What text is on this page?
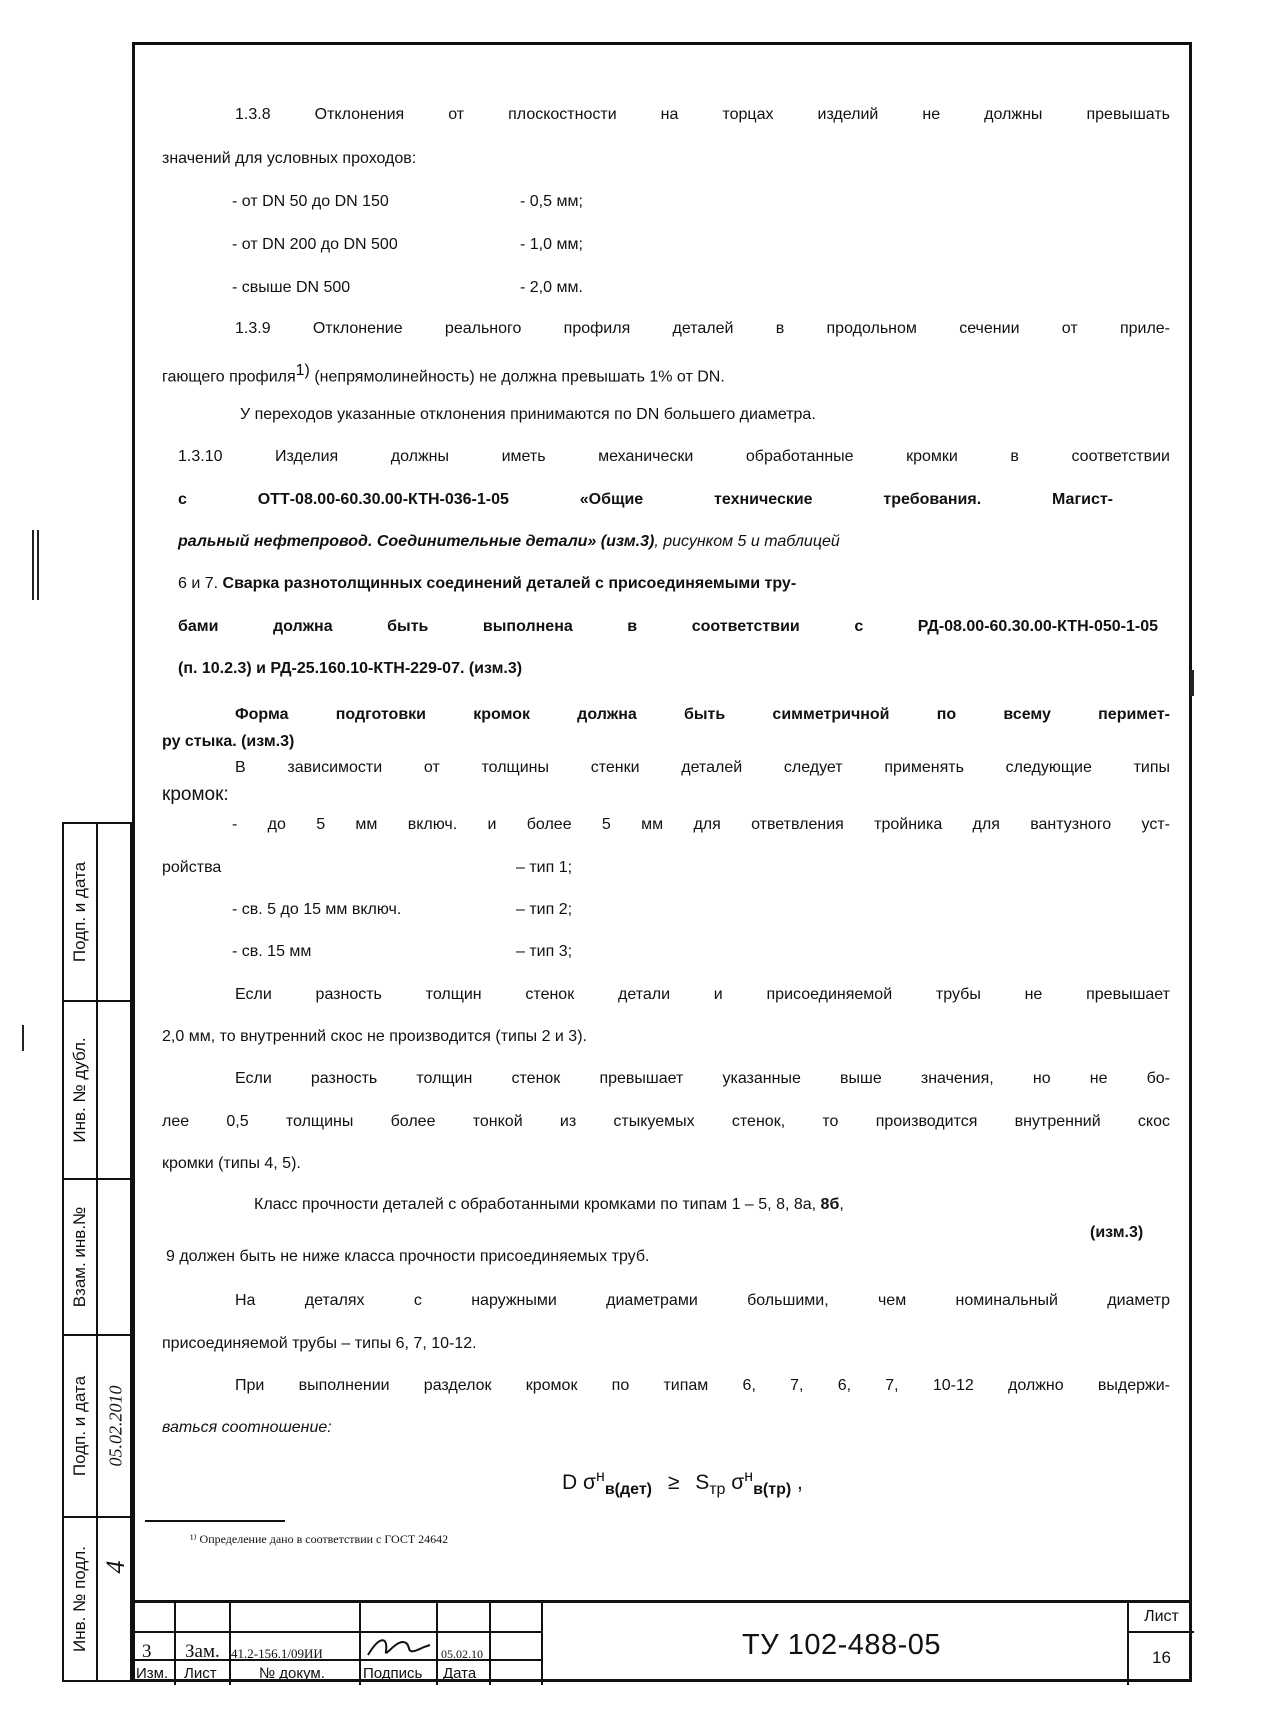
1.3.8 Отклонения от плоскостности на торцах изделий не должны превышать
значений для условных проходов:
- от DN 50 до DN 150	- 0,5 мм;
- от DN 200 до DN 500	- 1,0 мм;
- свыше DN 500	- 2,0 мм.
1.3.9 Отклонение реального профиля деталей в продольном сечении от приле-
гающего профиля$^{1)}$ (непрямолинейность) не должна превышать 1% от DN.
У переходов указанные отклонения принимаются по DN большего диаметра.
1.3.10 Изделия должны иметь механически обработанные кромки в соответствии
с ОТТ-08.00-60.30.00-КТН-036-1-05 «Общие технические требования. Магист-
ральный нефтепровод. Соединительные детали» (изм.3), рисунком 5 и таблицей
6 и 7. Сварка разнотолщинных соединений деталей с присоединяемыми тру-
бами должна быть выполнена в соответствии с РД-08.00-60.30.00-КТН-050-1-05
(п. 10.2.3) и РД-25.160.10-КТН-229-07. (изм.3)
Форма подготовки кромок должна быть симметричной по всему перимет-
ру стыка. (изм.3)
В зависимости от толщины стенки деталей следует применять следующие типы
кромок:
- до 5 мм включ. и более 5 мм для ответвления тройника для вантузного уст-
ройства	– тип 1;
- св. 5 до 15 мм включ.	– тип 2;
- св. 15 мм	– тип 3;
Если разность толщин стенок детали и присоединяемой трубы не превышает
2,0 мм, то внутренний скос не производится (типы 2 и 3).
Если разность толщин стенок превышает указанные выше значения, но не бо-
лее 0,5 толщины более тонкой из стыкуемых стенок, то производится внутренний скос
кромки (типы 4, 5).
Класс прочности деталей с обработанными кромками по типам 1 – 5, 8, 8а, 8б,
(изм.3)
9 должен быть не ниже класса прочности присоединяемых труб.
На деталях с наружными диаметрами большими, чем номинальный диаметр
присоединяемой трубы – типы 6, 7, 10-12.
При выполнении разделок кромок по типам 6, 7, 6, 7, 10-12 должно выдержи-
ваться соотношение:
D $\sigma^н_{в(дет)} \ge S_{тр}$ $\sigma^н_{в(тр)}$ ,
¹⁾ Определение дано в соответствии с ГОСТ 24642
Подп. и дата
Инв. № дубл.
Взам. инв.№
Подп. и дата 05.02.2010
Инв. № подл. 4
3 Зам. 41.2-156.1/09ИИ	05.02.10
Изм. Лист	№ докум.	Подпись Дата
ТУ 102-488-05
Лист
16
